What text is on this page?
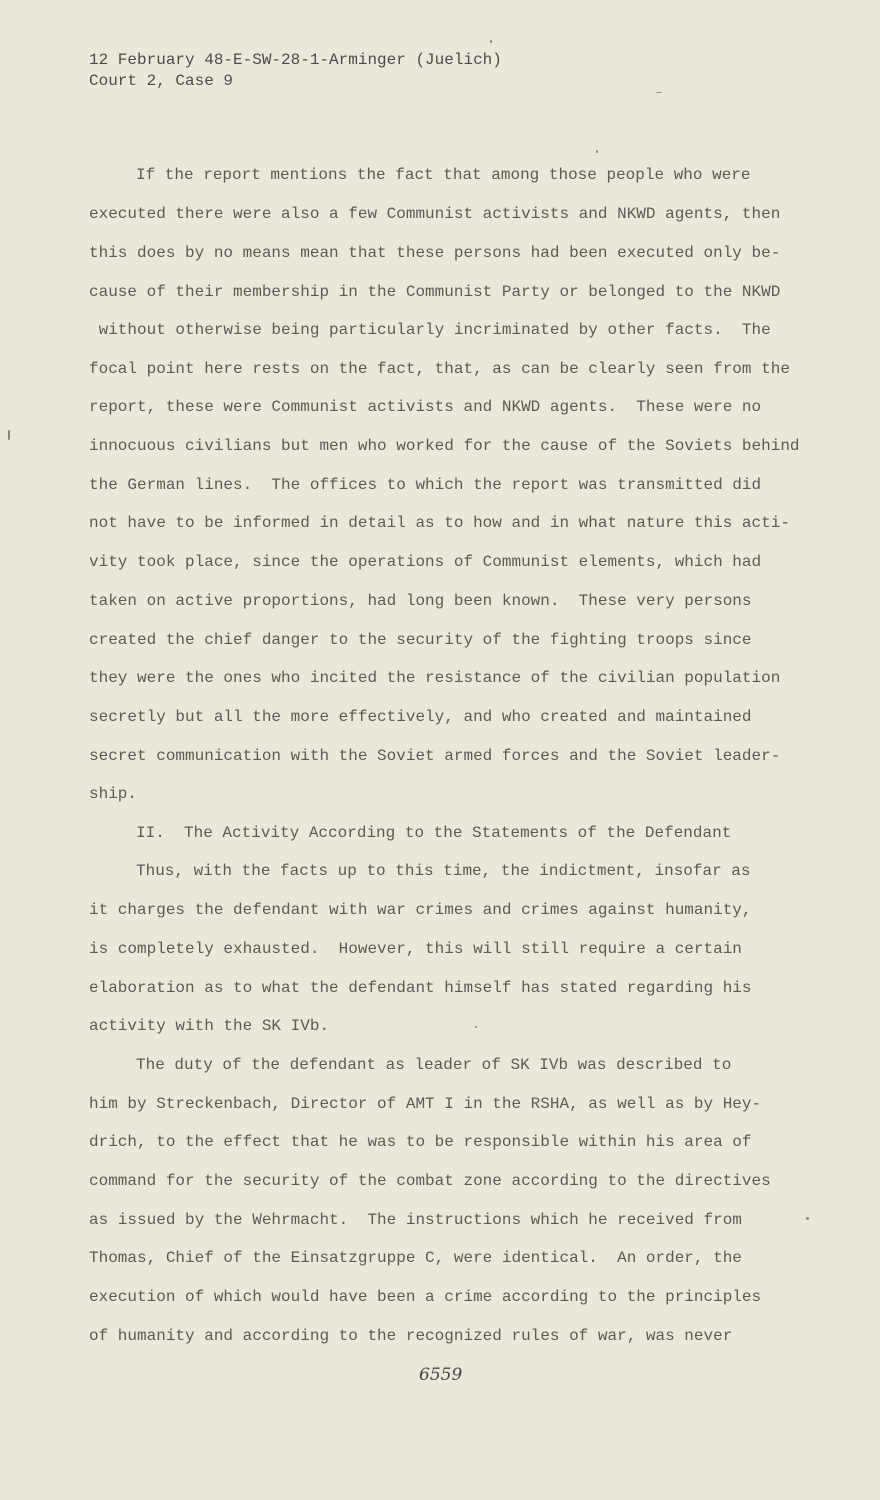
12 February 48-E-SW-28-1-Arminger (Juelich)
Court 2, Case 9
If the report mentions the fact that among those people who were
executed there were also a few Communist activists and NKWD agents, then
this does by no means mean that these persons had been executed only be-
cause of their membership in the Communist Party or belonged to the NKWD
without otherwise being particularly incriminated by other facts.  The
focal point here rests on the fact, that, as can be clearly seen from the
report, these were Communist activists and NKWD agents.  These were no
innocuous civilians but men who worked for the cause of the Soviets behind
the German lines.  The offices to which the report was transmitted did
not have to be informed in detail as to how and in what nature this acti-
vity took place, since the operations of Communist elements, which had
taken on active proportions, had long been known.  These very persons
created the chief danger to the security of the fighting troops since
they were the ones who incited the resistance of the civilian population
secretly but all the more effectively, and who created and maintained
secret communication with the Soviet armed forces and the Soviet leader-
ship.
II.  The Activity According to the Statements of the Defendant
Thus, with the facts up to this time, the indictment, insofar as
it charges the defendant with war crimes and crimes against humanity,
is completely exhausted.  However, this will still require a certain
elaboration as to what the defendant himself has stated regarding his
activity with the SK IVb.
The duty of the defendant as leader of SK IVb was described to
him by Streckenbach, Director of AMT I in the RSHA, as well as by Hey-
drich, to the effect that he was to be responsible within his area of
command for the security of the combat zone according to the directives
as issued by the Wehrmacht.  The instructions which he received from
Thomas, Chief of the Einsatzgruppe C, were identical.  An order, the
execution of which would have been a crime according to the principles
of humanity and according to the recognized rules of war, was never
6559
